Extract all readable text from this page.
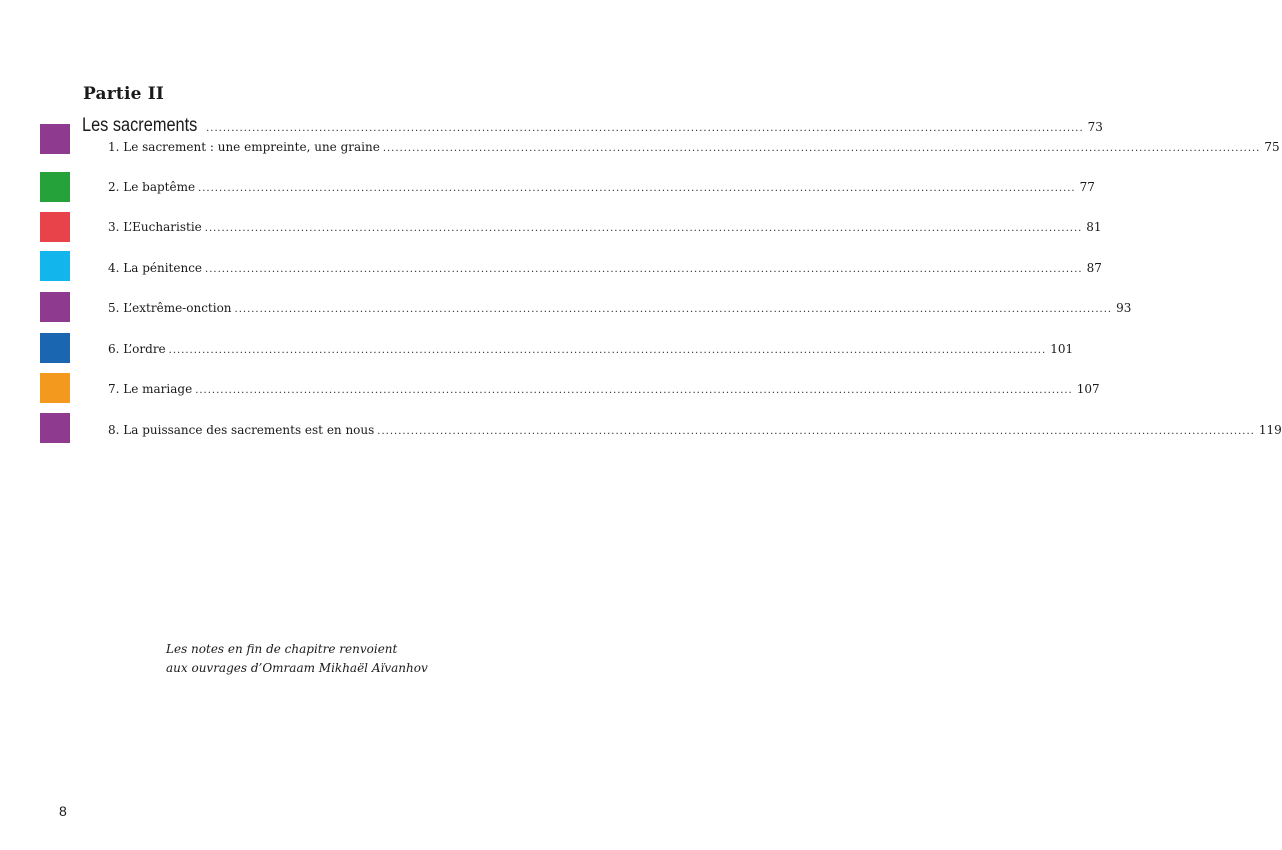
Partie II
Les sacrements .................................................................................................................................................................................................................. 73
1. Le sacrement : une empreinte, une graine .................................................................................................................................................................................................................. 75
2. Le baptême .................................................................................................................................................................................................................. 77
3. L’Eucharistie .................................................................................................................................................................................................................. 81
4. La pénitence .................................................................................................................................................................................................................. 87
5. L’extrême-onction .................................................................................................................................................................................................................. 93
6. L’ordre .................................................................................................................................................................................................................. 101
7. Le mariage .................................................................................................................................................................................................................. 107
8. La puissance des sacrements est en nous .................................................................................................................................................................................................................. 119
Les notes en fin de chapitre renvoient
aux ouvrages d’Omraam Mikhaël Aïvanhov
8
